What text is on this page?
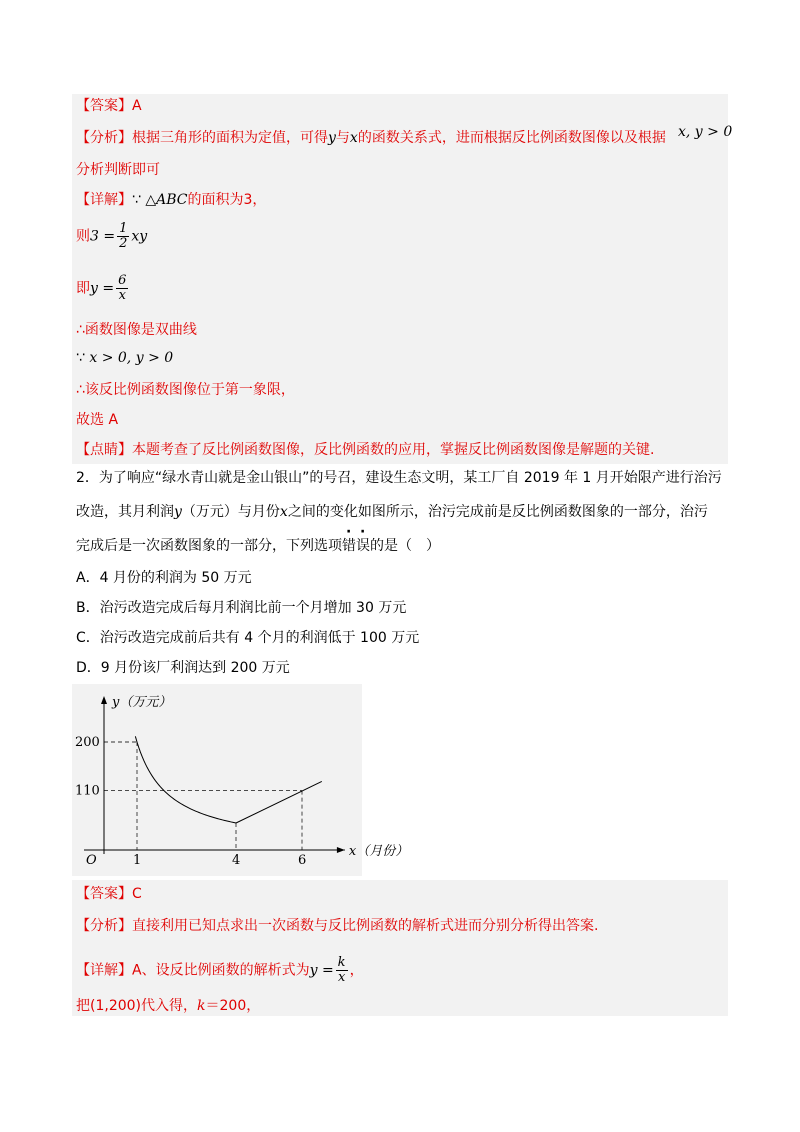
【答案】A
【分析】根据三角形的面积为定值，可得y与x的函数关系式，进而根据反比例函数图像以及根据 x, y > 0
分析判断即可
【详解】∵ △ABC的面积为3，
则$3 = \frac{1}{2}$ xy
即$y = \frac{6}{x}$
∴函数图像是双曲线
∵ x > 0, y > 0
∴该反比例函数图像位于第一象限，
故选 A
【点睛】本题考查了反比例函数图像，反比例函数的应用，掌握反比例函数图像是解题的关键.
2．为了响应“绿水青山就是金山银山”的号召，建设生态文明，某工厂自 2019 年 1 月开始限产进行治污
改造，其月利润y（万元）与月份x之间的变化如图所示，治污完成前是反比例函数图象的一部分，治污
完成后是一次函数图象的一部分，下列选项错误的是（　）
A．4 月份的利润为 50 万元
B．治污改造完成后每月利润比前一个月增加 30 万元
C．治污改造完成前后共有 4 个月的利润低于 100 万元
D．9 月份该厂利润达到 200 万元
y（万元）
x（月份）
O	1	4	6
200
110
【答案】C
【分析】直接利用已知点求出一次函数与反比例函数的解析式进而分别分析得出答案.
【详解】A、设反比例函数的解析式为$y = \frac{k}{x}$ ，
把(1,200)代入得，k＝200，
